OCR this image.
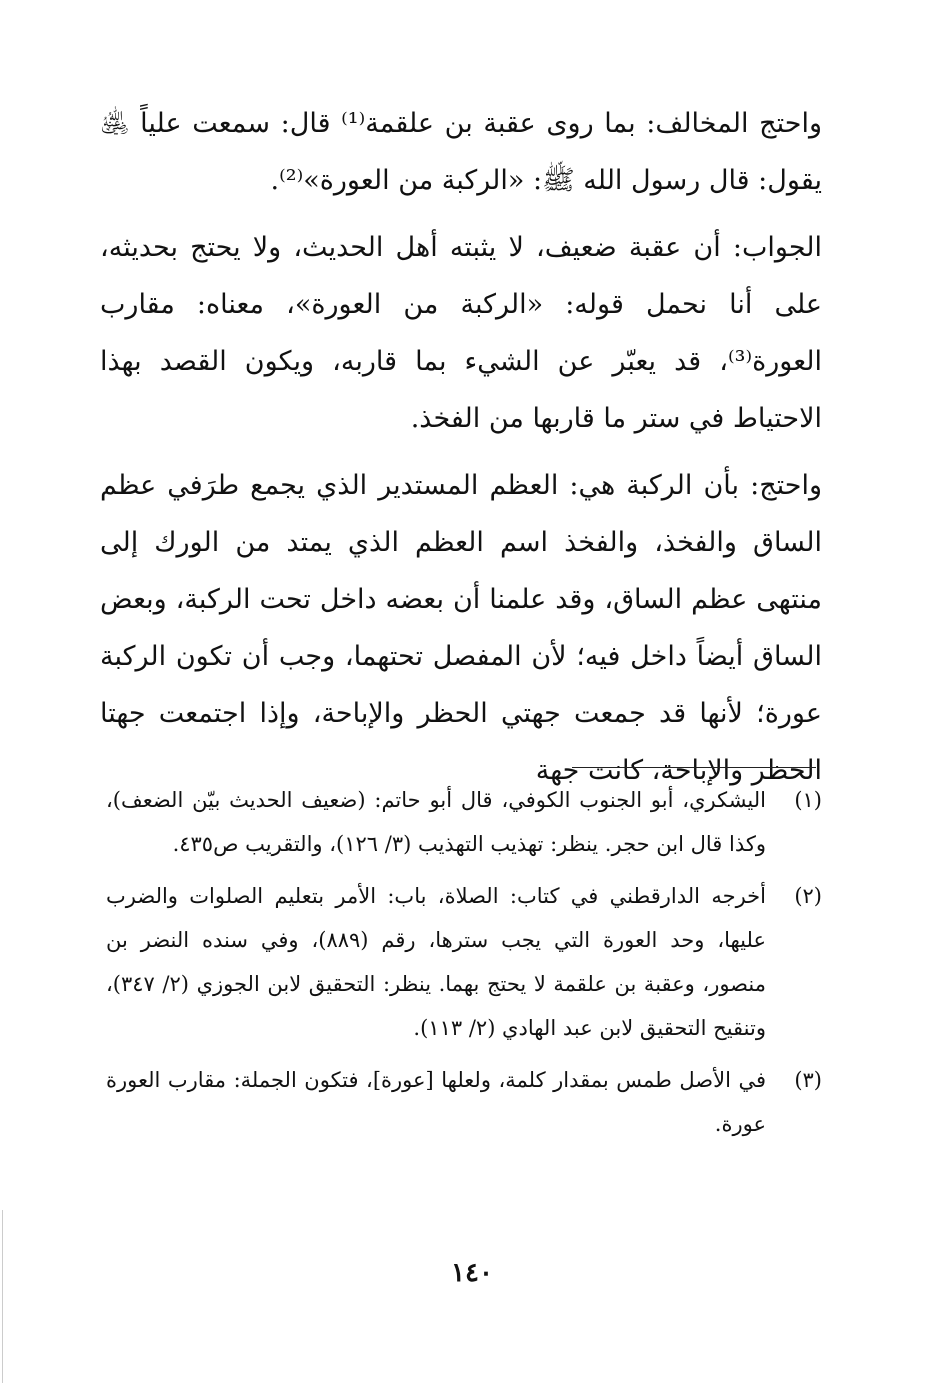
واحتج المخالف: بما روى عقبة بن علقمة⁽¹⁾ قال: سمعت علياً ﵁ يقول: قال رسول الله ﷺ: «الركبة من العورة»⁽²⁾.

الجواب: أن عقبة ضعيف، لا يثبته أهل الحديث، ولا يحتج بحديثه، على أنا نحمل قوله: «الركبة من العورة»، معناه: مقارب العورة⁽³⁾، قد يعبّر عن الشيء بما قاربه، ويكون القصد بهذا الاحتياط في ستر ما قاربها من الفخذ.

واحتج: بأن الركبة هي: العظم المستدير الذي يجمع طرَفي عظم الساق والفخذ، والفخذ اسم العظم الذي يمتد من الورك إلى منتهى عظم الساق، وقد علمنا أن بعضه داخل تحت الركبة، وبعض الساق أيضاً داخل فيه؛ لأن المفصل تحتهما، وجب أن تكون الركبة عورة؛ لأنها قد جمعت جهتي الحظر والإباحة، وإذا اجتمعت جهتا الحظر والإباحة، كانت جهة

(١)
اليشكري، أبو الجنوب الكوفي، قال أبو حاتم: (ضعيف الحديث بيّن الضعف)، وكذا قال ابن حجر. ينظر: تهذيب التهذيب (٣/ ١٢٦)، والتقريب ص٤٣٥.
(٢)
أخرجه الدارقطني في كتاب: الصلاة، باب: الأمر بتعليم الصلوات والضرب عليها، وحد العورة التي يجب سترها، رقم (٨٨٩)، وفي سنده النضر بن منصور، وعقبة بن علقمة لا يحتج بهما. ينظر: التحقيق لابن الجوزي (٢/ ٣٤٧)، وتنقيح التحقيق لابن عبد الهادي (٢/ ١١٣).
(٣)
في الأصل طمس بمقدار كلمة، ولعلها [عورة]، فتكون الجملة: مقارب العورة عورة.
١٤٠
